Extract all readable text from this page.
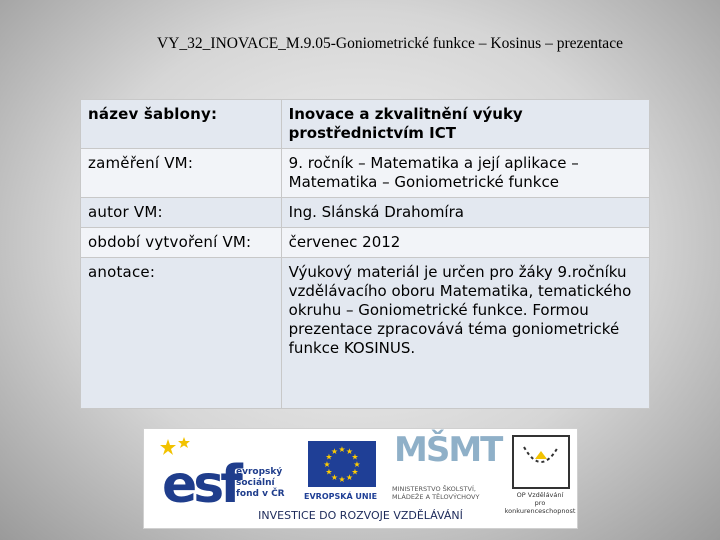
VY_32_INOVACE_M.9.05-Goniometrické funkce – Kosinus – prezentace
název šablony:	Inovace a zkvalitnění výuky prostřednictvím ICT
zaměření VM:	9. ročník – Matematika a její aplikace – Matematika – Goniometrické funkce
autor VM:	Ing. Slánská Drahomíra
období vytvoření VM:	červenec 2012
anotace:	Výukový materiál je určen pro žáky 9.ročníku vzdělávacího oboru Matematika, tematického okruhu – Goniometrické funkce. Formou prezentace zpracovává téma goniometrické funkce KOSINUS.
esf
evropský
sociální
fond v ČR
★ ★
★
★
★
★
★
★
★
★
★
★
EVROPSKÁ UNIE
MŠMT
MINISTERSTVO ŠKOLSTVÍ,
MLÁDEŽE A TĚLOVÝCHOVY	OP Vzdělávání
pro konkurenceschopnost
INVESTICE DO ROZVOJE VZDĚLÁVÁNÍ
